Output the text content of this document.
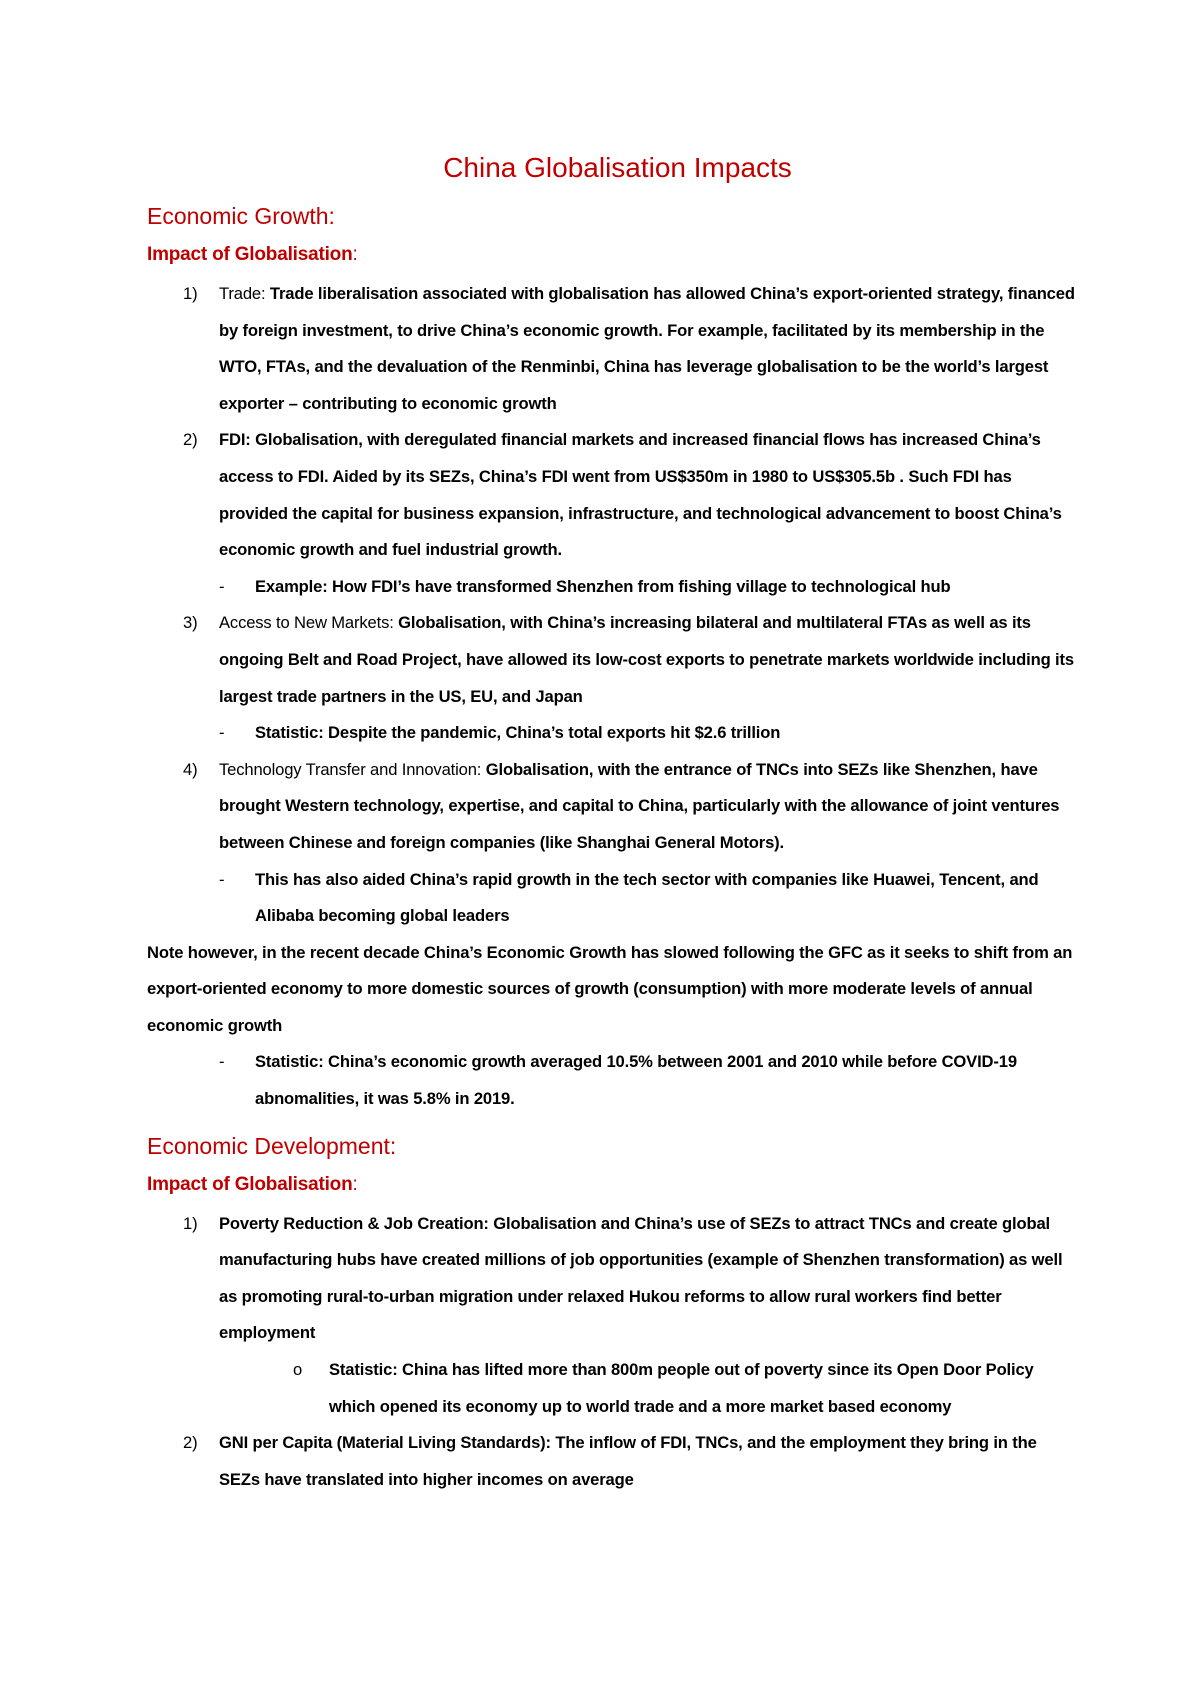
China Globalisation Impacts
Economic Growth:
Impact of Globalisation:
1) Trade: Trade liberalisation associated with globalisation has allowed China’s export-oriented strategy, financed by foreign investment, to drive China’s economic growth. For example, facilitated by its membership in the WTO, FTAs, and the devaluation of the Renminbi, China has leverage globalisation to be the world’s largest exporter – contributing to economic growth
2) FDI: Globalisation, with deregulated financial markets and increased financial flows has increased China’s access to FDI. Aided by its SEZs, China’s FDI went from US$350m in 1980 to US$305.5b . Such FDI has provided the capital for business expansion, infrastructure, and technological advancement to boost China’s economic growth and fuel industrial growth.
- Example: How FDI’s have transformed Shenzhen from fishing village to technological hub
3) Access to New Markets: Globalisation, with China’s increasing bilateral and multilateral FTAs as well as its ongoing Belt and Road Project, have allowed its low-cost exports to penetrate markets worldwide including its largest trade partners in the US, EU, and Japan
- Statistic: Despite the pandemic, China’s total exports hit $2.6 trillion
4) Technology Transfer and Innovation: Globalisation, with the entrance of TNCs into SEZs like Shenzhen, have brought Western technology, expertise, and capital to China, particularly with the allowance of joint ventures between Chinese and foreign companies (like Shanghai General Motors).
- This has also aided China’s rapid growth in the tech sector with companies like Huawei, Tencent, and Alibaba becoming global leaders
Note however, in the recent decade China’s Economic Growth has slowed following the GFC as it seeks to shift from an export-oriented economy to more domestic sources of growth (consumption) with more moderate levels of annual economic growth
- Statistic: China’s economic growth averaged 10.5% between 2001 and 2010 while before COVID-19 abnomalities, it was 5.8% in 2019.
Economic Development:
Impact of Globalisation:
1) Poverty Reduction & Job Creation: Globalisation and China’s use of SEZs to attract TNCs and create global manufacturing hubs have created millions of job opportunities (example of Shenzhen transformation) as well as promoting rural-to-urban migration under relaxed Hukou reforms to allow rural workers find better employment
o Statistic: China has lifted more than 800m people out of poverty since its Open Door Policy which opened its economy up to world trade and a more market based economy
2) GNI per Capita (Material Living Standards): The inflow of FDI, TNCs, and the employment they bring in the SEZs have translated into higher incomes on average
